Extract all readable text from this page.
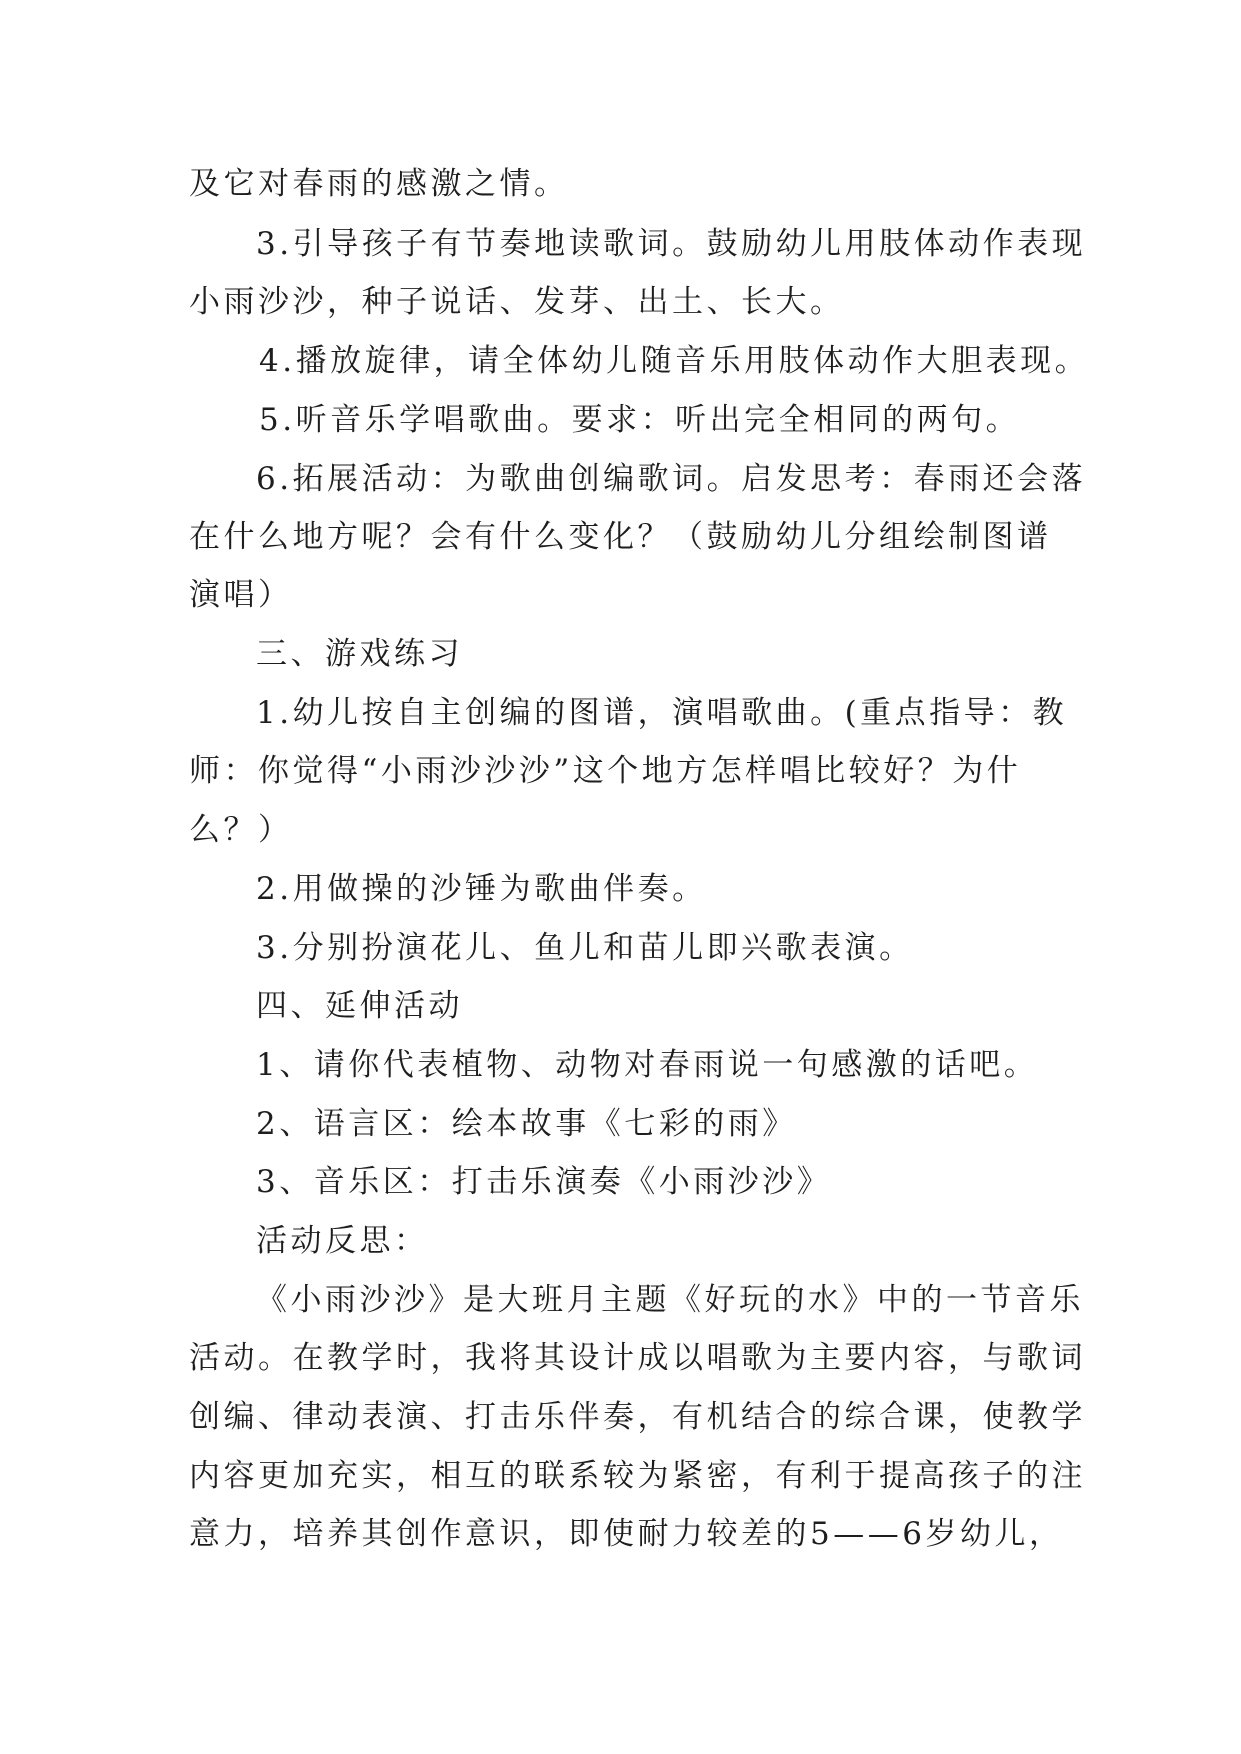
及它对春雨的感激之情。

3.引导孩子有节奏地读歌词。鼓励幼儿用肢体动作表现

小雨沙沙，种子说话、发芽、出土、长大。

4.播放旋律，请全体幼儿随音乐用肢体动作大胆表现。

5.听音乐学唱歌曲。要求：听出完全相同的两句。

6.拓展活动：为歌曲创编歌词。启发思考：春雨还会落

在什么地方呢？会有什么变化？（鼓励幼儿分组绘制图谱

演唱）

三、游戏练习

1.幼儿按自主创编的图谱，演唱歌曲。(重点指导：教

师：你觉得“小雨沙沙沙”这个地方怎样唱比较好？为什

么？）

2.用做操的沙锤为歌曲伴奏。

3.分别扮演花儿、鱼儿和苗儿即兴歌表演。

四、延伸活动

1、请你代表植物、动物对春雨说一句感激的话吧。

2、语言区：绘本故事《七彩的雨》

3、音乐区：打击乐演奏《小雨沙沙》

活动反思：

《小雨沙沙》是大班月主题《好玩的水》中的一节音乐

活动。在教学时，我将其设计成以唱歌为主要内容，与歌词

创编、律动表演、打击乐伴奏，有机结合的综合课，使教学

内容更加充实，相互的联系较为紧密，有利于提高孩子的注

意力，培养其创作意识，即使耐力较差的5——6岁幼儿，
